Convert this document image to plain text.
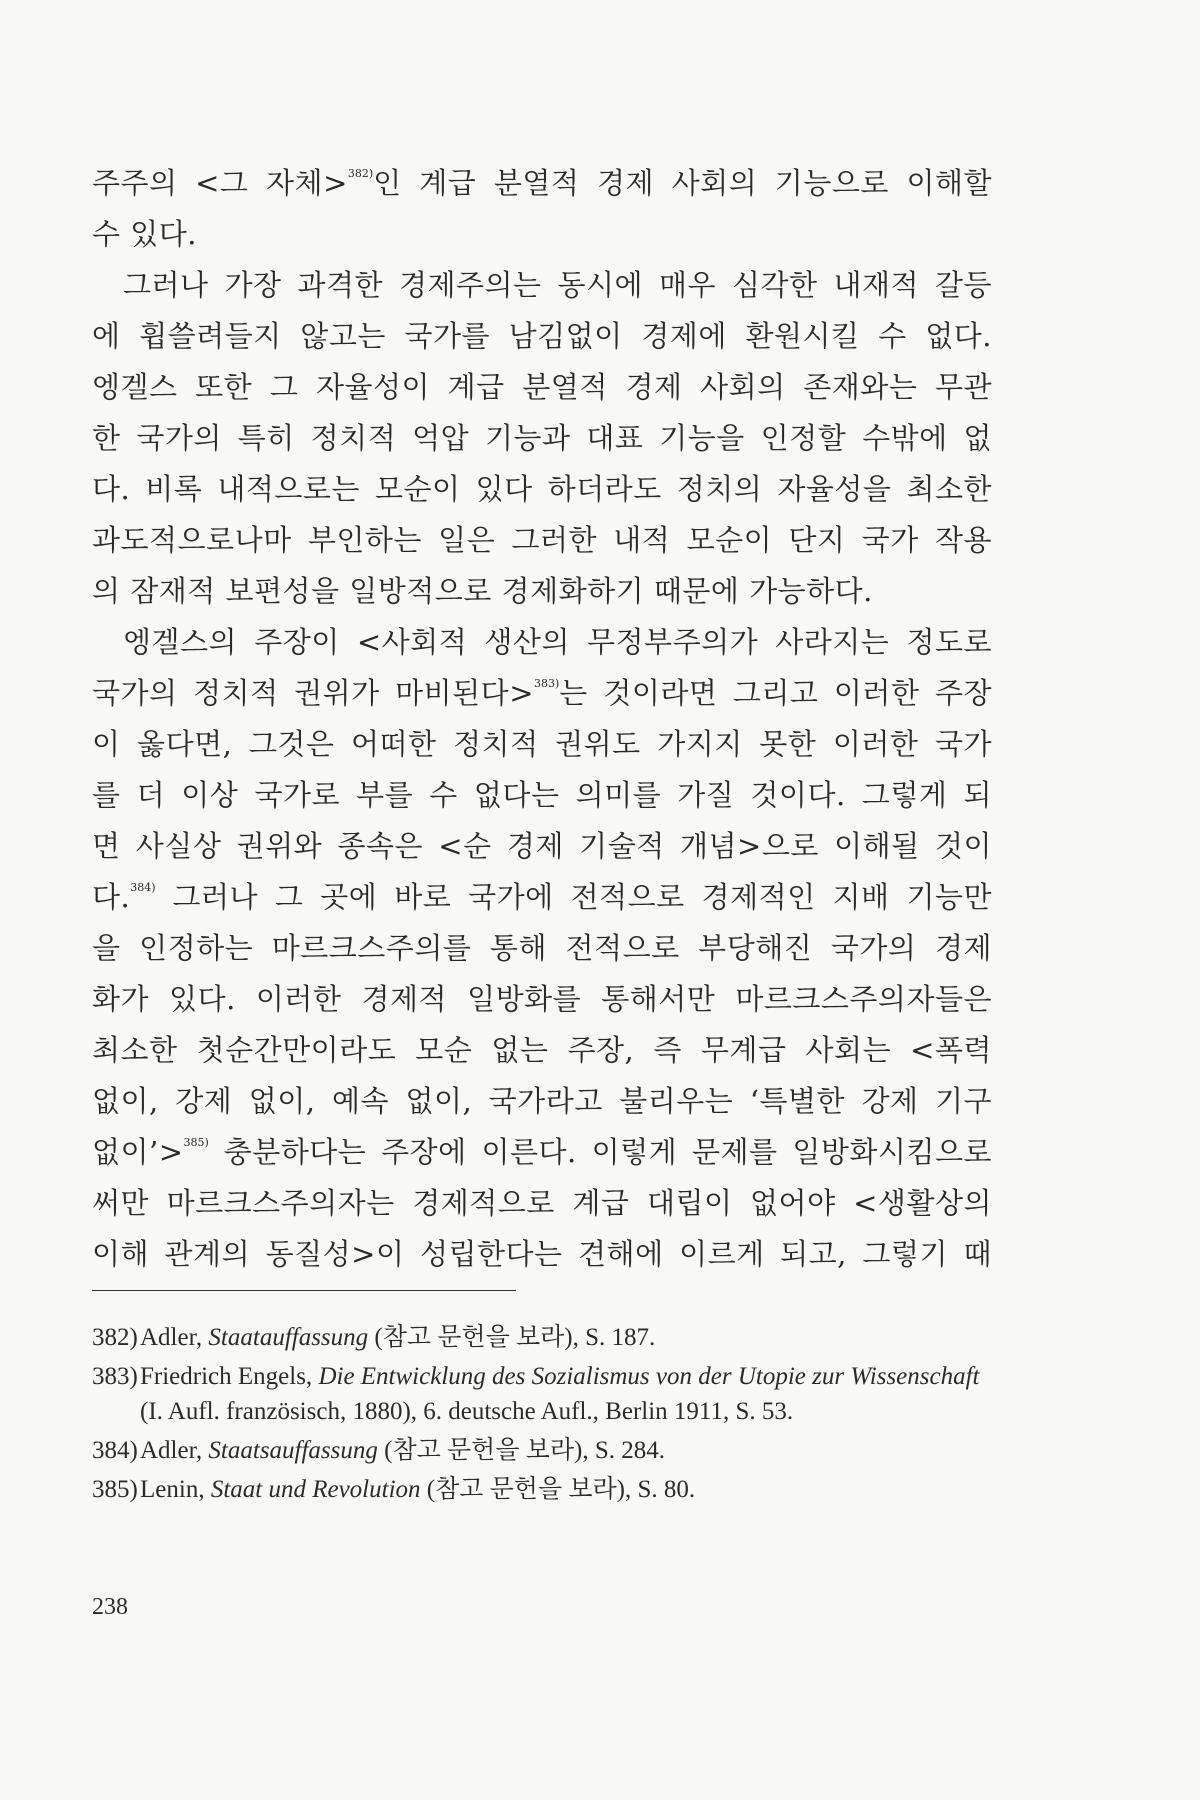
주주의 <그 자체>$^{382)}$인 계급 분열적 경제 사회의 기능으로 이해할
수 있다.
그러나 가장 과격한 경제주의는 동시에 매우 심각한 내재적 갈등
에 휩쓸려들지 않고는 국가를 남김없이 경제에 환원시킬 수 없다.
엥겔스 또한 그 자율성이 계급 분열적 경제 사회의 존재와는 무관
한 국가의 특히 정치적 억압 기능과 대표 기능을 인정할 수밖에 없
다. 비록 내적으로는 모순이 있다 하더라도 정치의 자율성을 최소한
과도적으로나마 부인하는 일은 그러한 내적 모순이 단지 국가 작용
의 잠재적 보편성을 일방적으로 경제화하기 때문에 가능하다.
엥겔스의 주장이 <사회적 생산의 무정부주의가 사라지는 정도로
국가의 정치적 권위가 마비된다>$^{383)}$는 것이라면 그리고 이러한 주장
이 옳다면, 그것은 어떠한 정치적 권위도 가지지 못한 이러한 국가
를 더 이상 국가로 부를 수 없다는 의미를 가질 것이다. 그렇게 되
면 사실상 권위와 종속은 <순 경제 기술적 개념>으로 이해될 것이
다.$^{384)}$ 그러나 그 곳에 바로 국가에 전적으로 경제적인 지배 기능만
을 인정하는 마르크스주의를 통해 전적으로 부당해진 국가의 경제
화가 있다. 이러한 경제적 일방화를 통해서만 마르크스주의자들은
최소한 첫순간만이라도 모순 없는 주장, 즉 무계급 사회는 <폭력
없이, 강제 없이, 예속 없이, 국가라고 불리우는 ‘특별한 강제 기구
없이’>$^{385)}$ 충분하다는 주장에 이른다. 이렇게 문제를 일방화시킴으로
써만 마르크스주의자는 경제적으로 계급 대립이 없어야 <생활상의
이해 관계의 동질성>이 성립한다는 견해에 이르게 되고, 그렇기 때
382) Adler, Staatauffassung (참고 문헌을 보라), S. 187.
383) Friedrich Engels, Die Entwicklung des Sozialismus von der Utopie zur Wissenschaft (I. Aufl. französisch, 1880), 6. deutsche Aufl., Berlin 1911, S. 53.
384) Adler, Staatsauffassung (참고 문헌을 보라), S. 284.
385) Lenin, Staat und Revolution (참고 문헌을 보라), S. 80.
238
